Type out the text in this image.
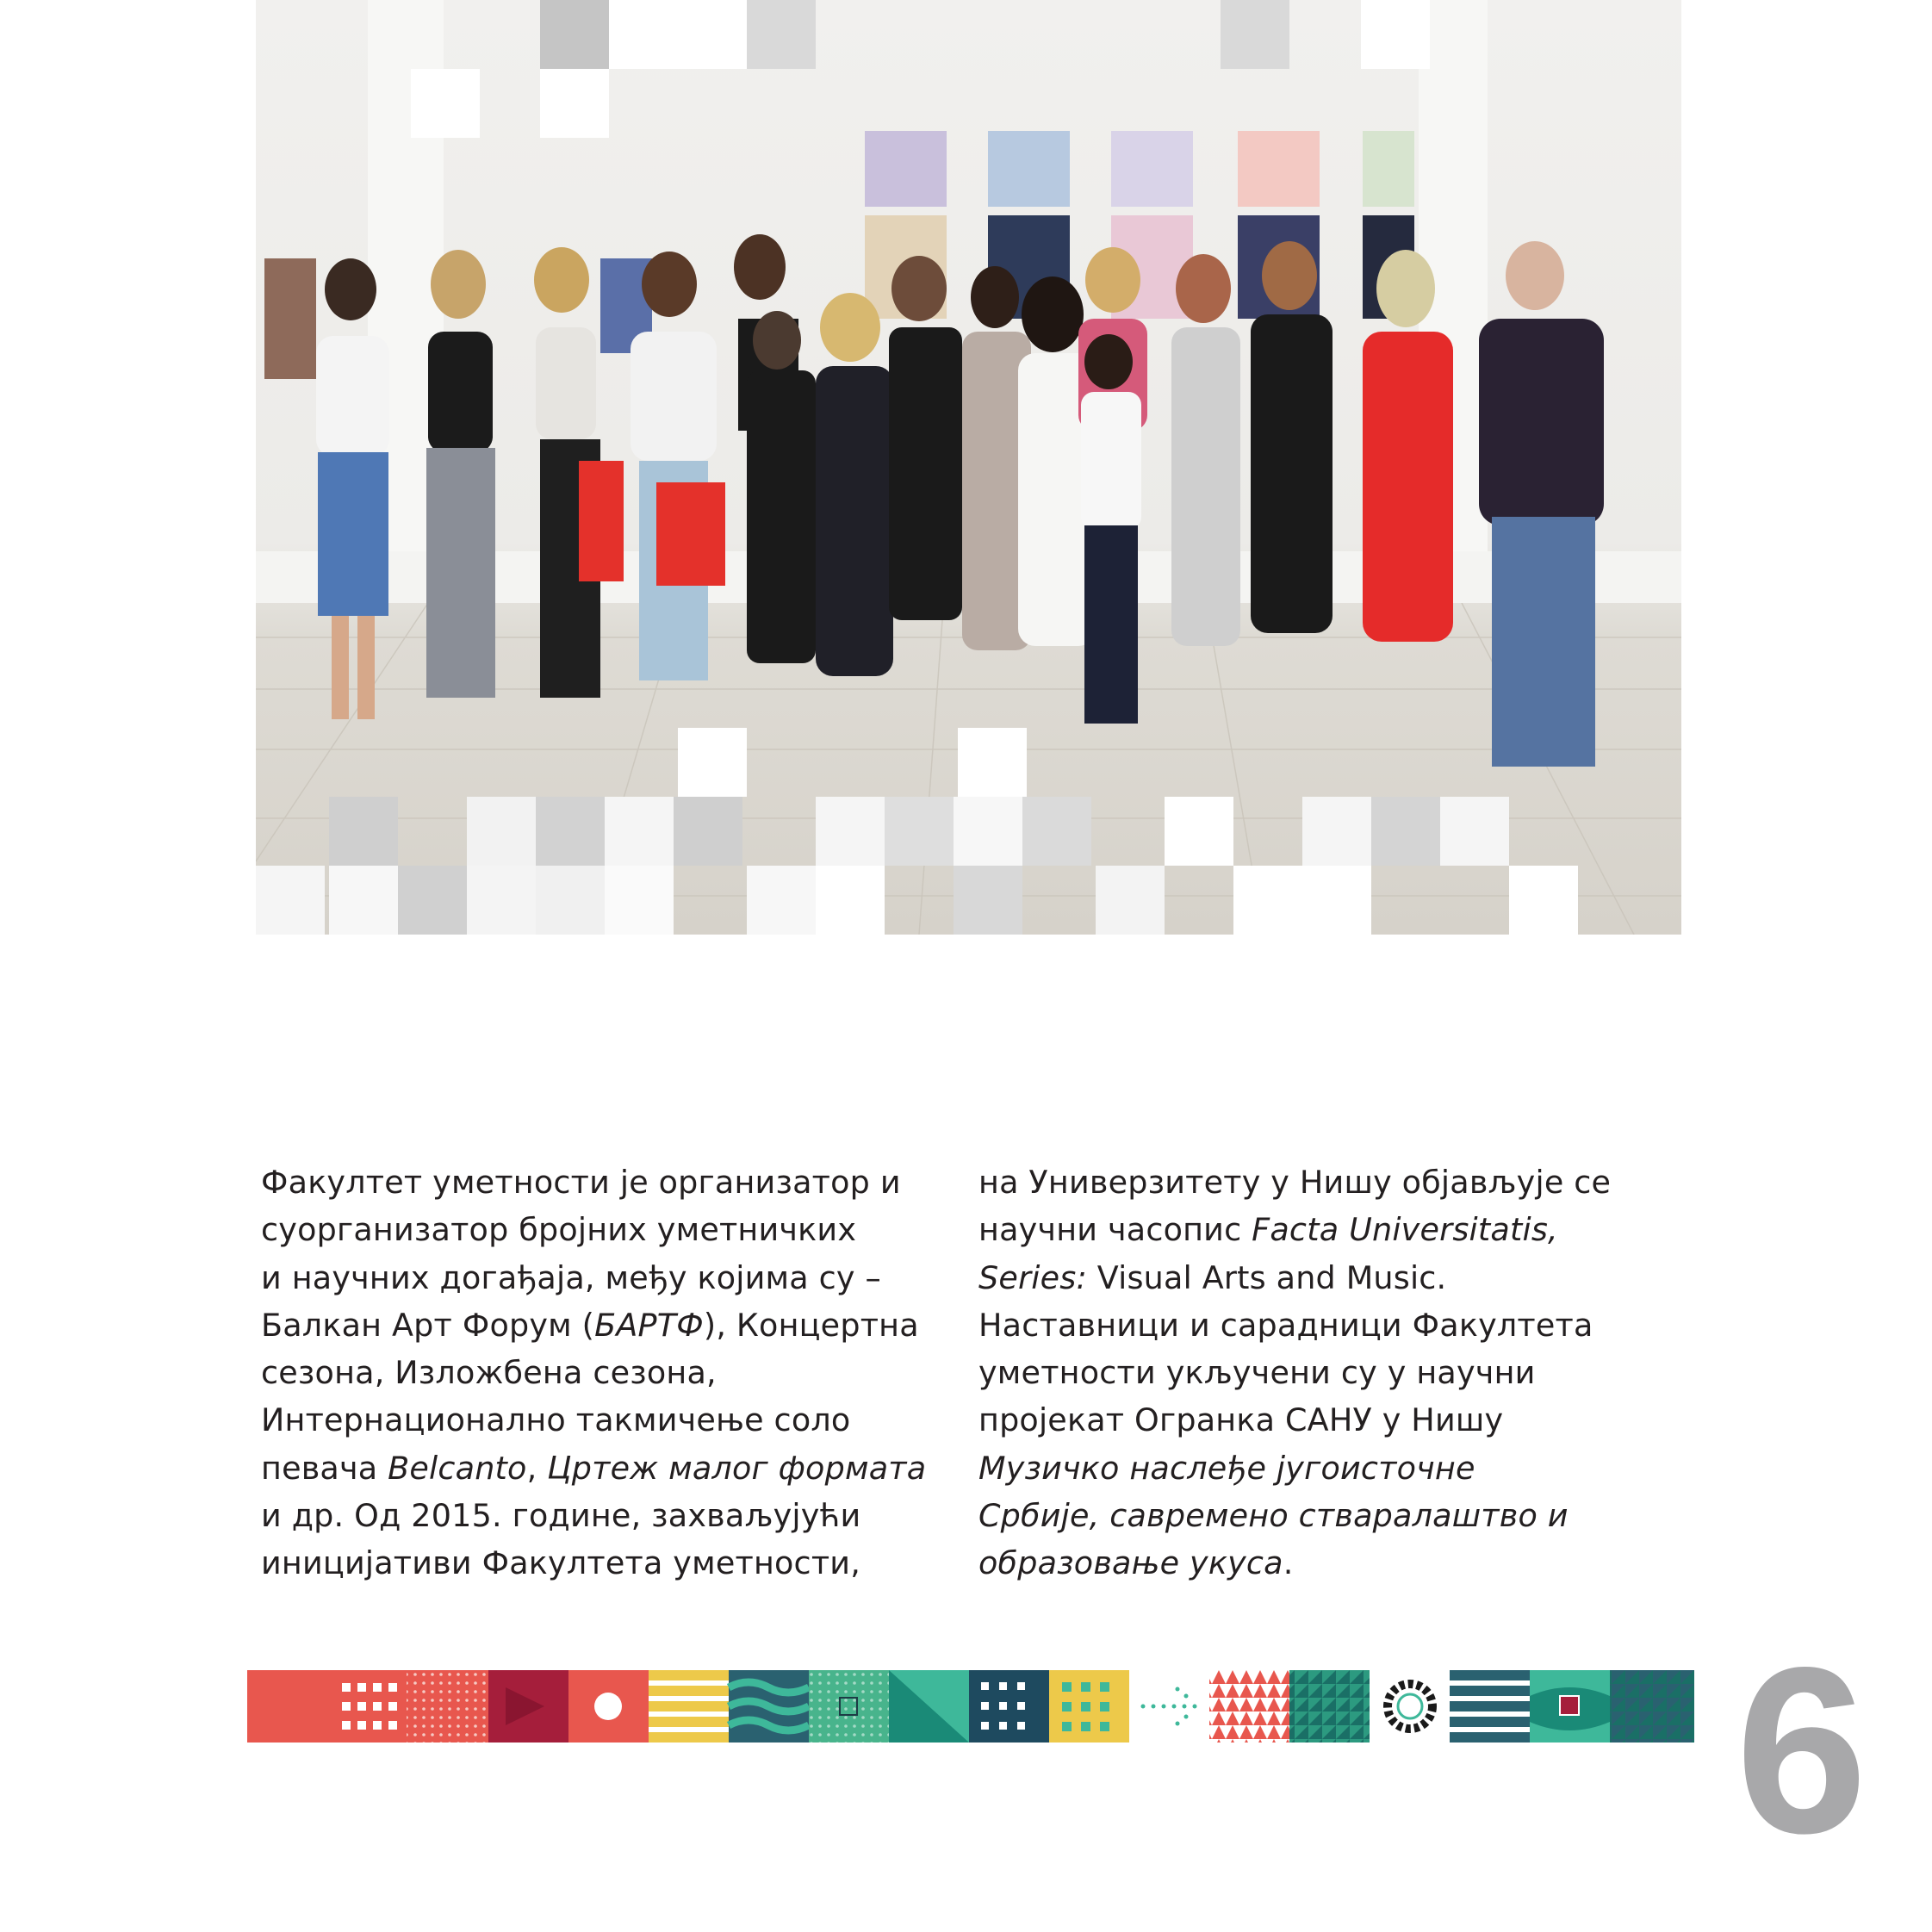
Факултет уметности је организатор и

суорганизатор бројних уметничких

и научних догађаја, међу којима су –

Балкан Арт Форум (БАРТФ), Концертна

сезона, Изложбена сезона,

Интернационално такмичење соло

певача Belcanto, Цртеж малог формата

и др. Од 2015. године, захваљујући

иницијативи Факултета уметности,

на Универзитету у Нишу објављује се

научни часопис Facta Universitatis,

Series: Visual Arts and Music.

Наставници и сарадници Факултета

уметности укључени су у научни

пројекат Огранка САНУ у Нишу

Музичко наслеђе југоисточне

Србије, савремено стваралаштво и

образовање укуса.

6
